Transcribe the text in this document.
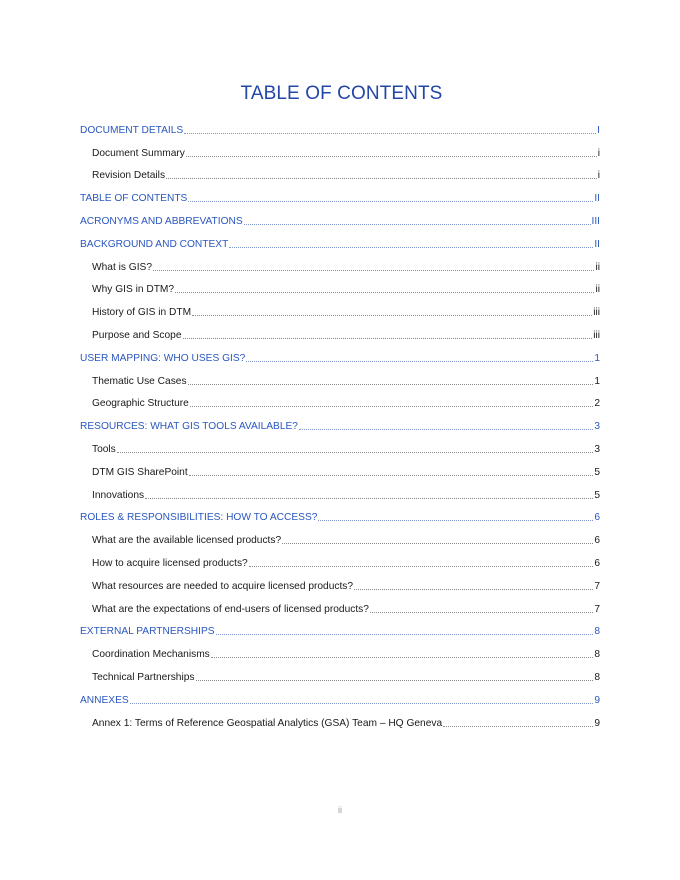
TABLE OF CONTENTS
DOCUMENT DETAILS	I
Document Summary	i
Revision Details	i
TABLE OF CONTENTS	II
ACRONYMS AND ABBREVATIONS	III
BACKGROUND AND CONTEXT	II
What is GIS?	ii
Why GIS in DTM?	ii
History of GIS in DTM	iii
Purpose and Scope	iii
USER MAPPING: WHO USES GIS?	1
Thematic Use Cases	1
Geographic Structure	2
RESOURCES: WHAT GIS TOOLS AVAILABLE?	3
Tools	3
DTM GIS SharePoint	5
Innovations	5
ROLES & RESPONSIBILITIES: HOW TO ACCESS?	6
What are the available licensed products?	6
How to acquire licensed products?	6
What resources are needed to acquire licensed products?	7
What are the expectations of end-users of licensed products?	7
EXTERNAL PARTNERSHIPS	8
Coordination Mechanisms	8
Technical Partnerships	8
ANNEXES	9
Annex 1: Terms of Reference Geospatial Analytics (GSA) Team – HQ Geneva	9
ii
